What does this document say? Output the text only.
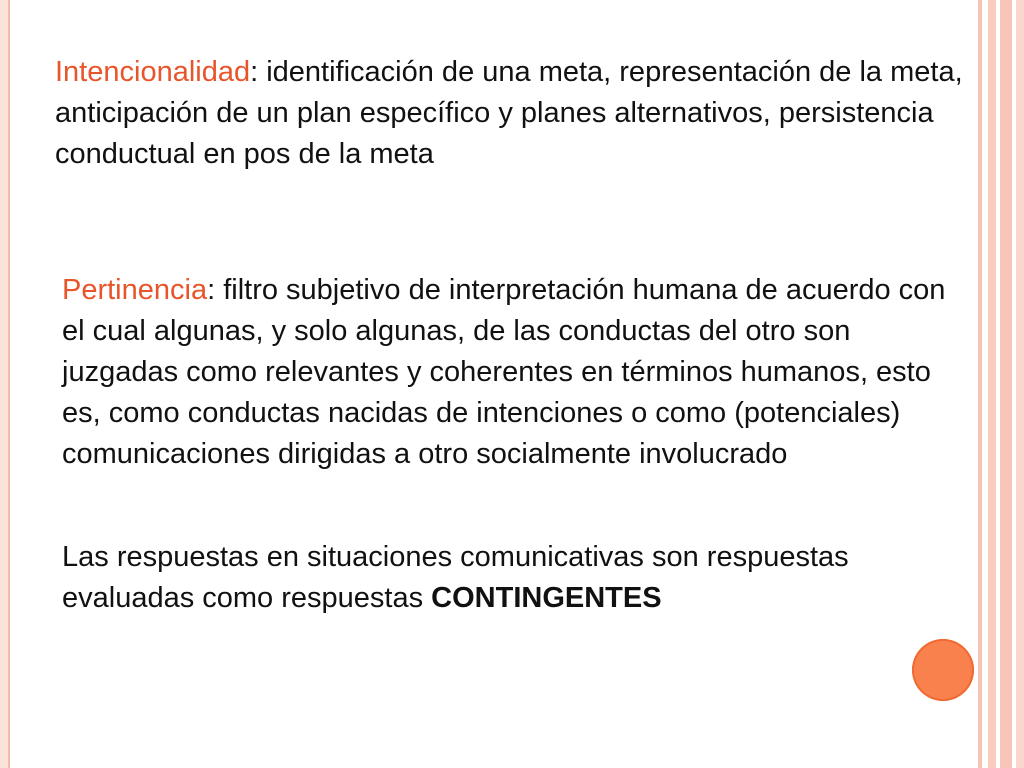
Intencionalidad: identificación de una meta, representación de la meta, anticipación de un plan específico y planes alternativos, persistencia conductual en pos de la meta

Pertinencia: filtro subjetivo de interpretación humana de acuerdo con el cual algunas, y solo algunas, de las conductas del otro son juzgadas como relevantes y coherentes en términos humanos, esto es, como conductas nacidas de intenciones o como (potenciales) comunicaciones dirigidas a otro socialmente involucrado

Las respuestas en situaciones comunicativas son respuestas evaluadas como respuestas CONTINGENTES
